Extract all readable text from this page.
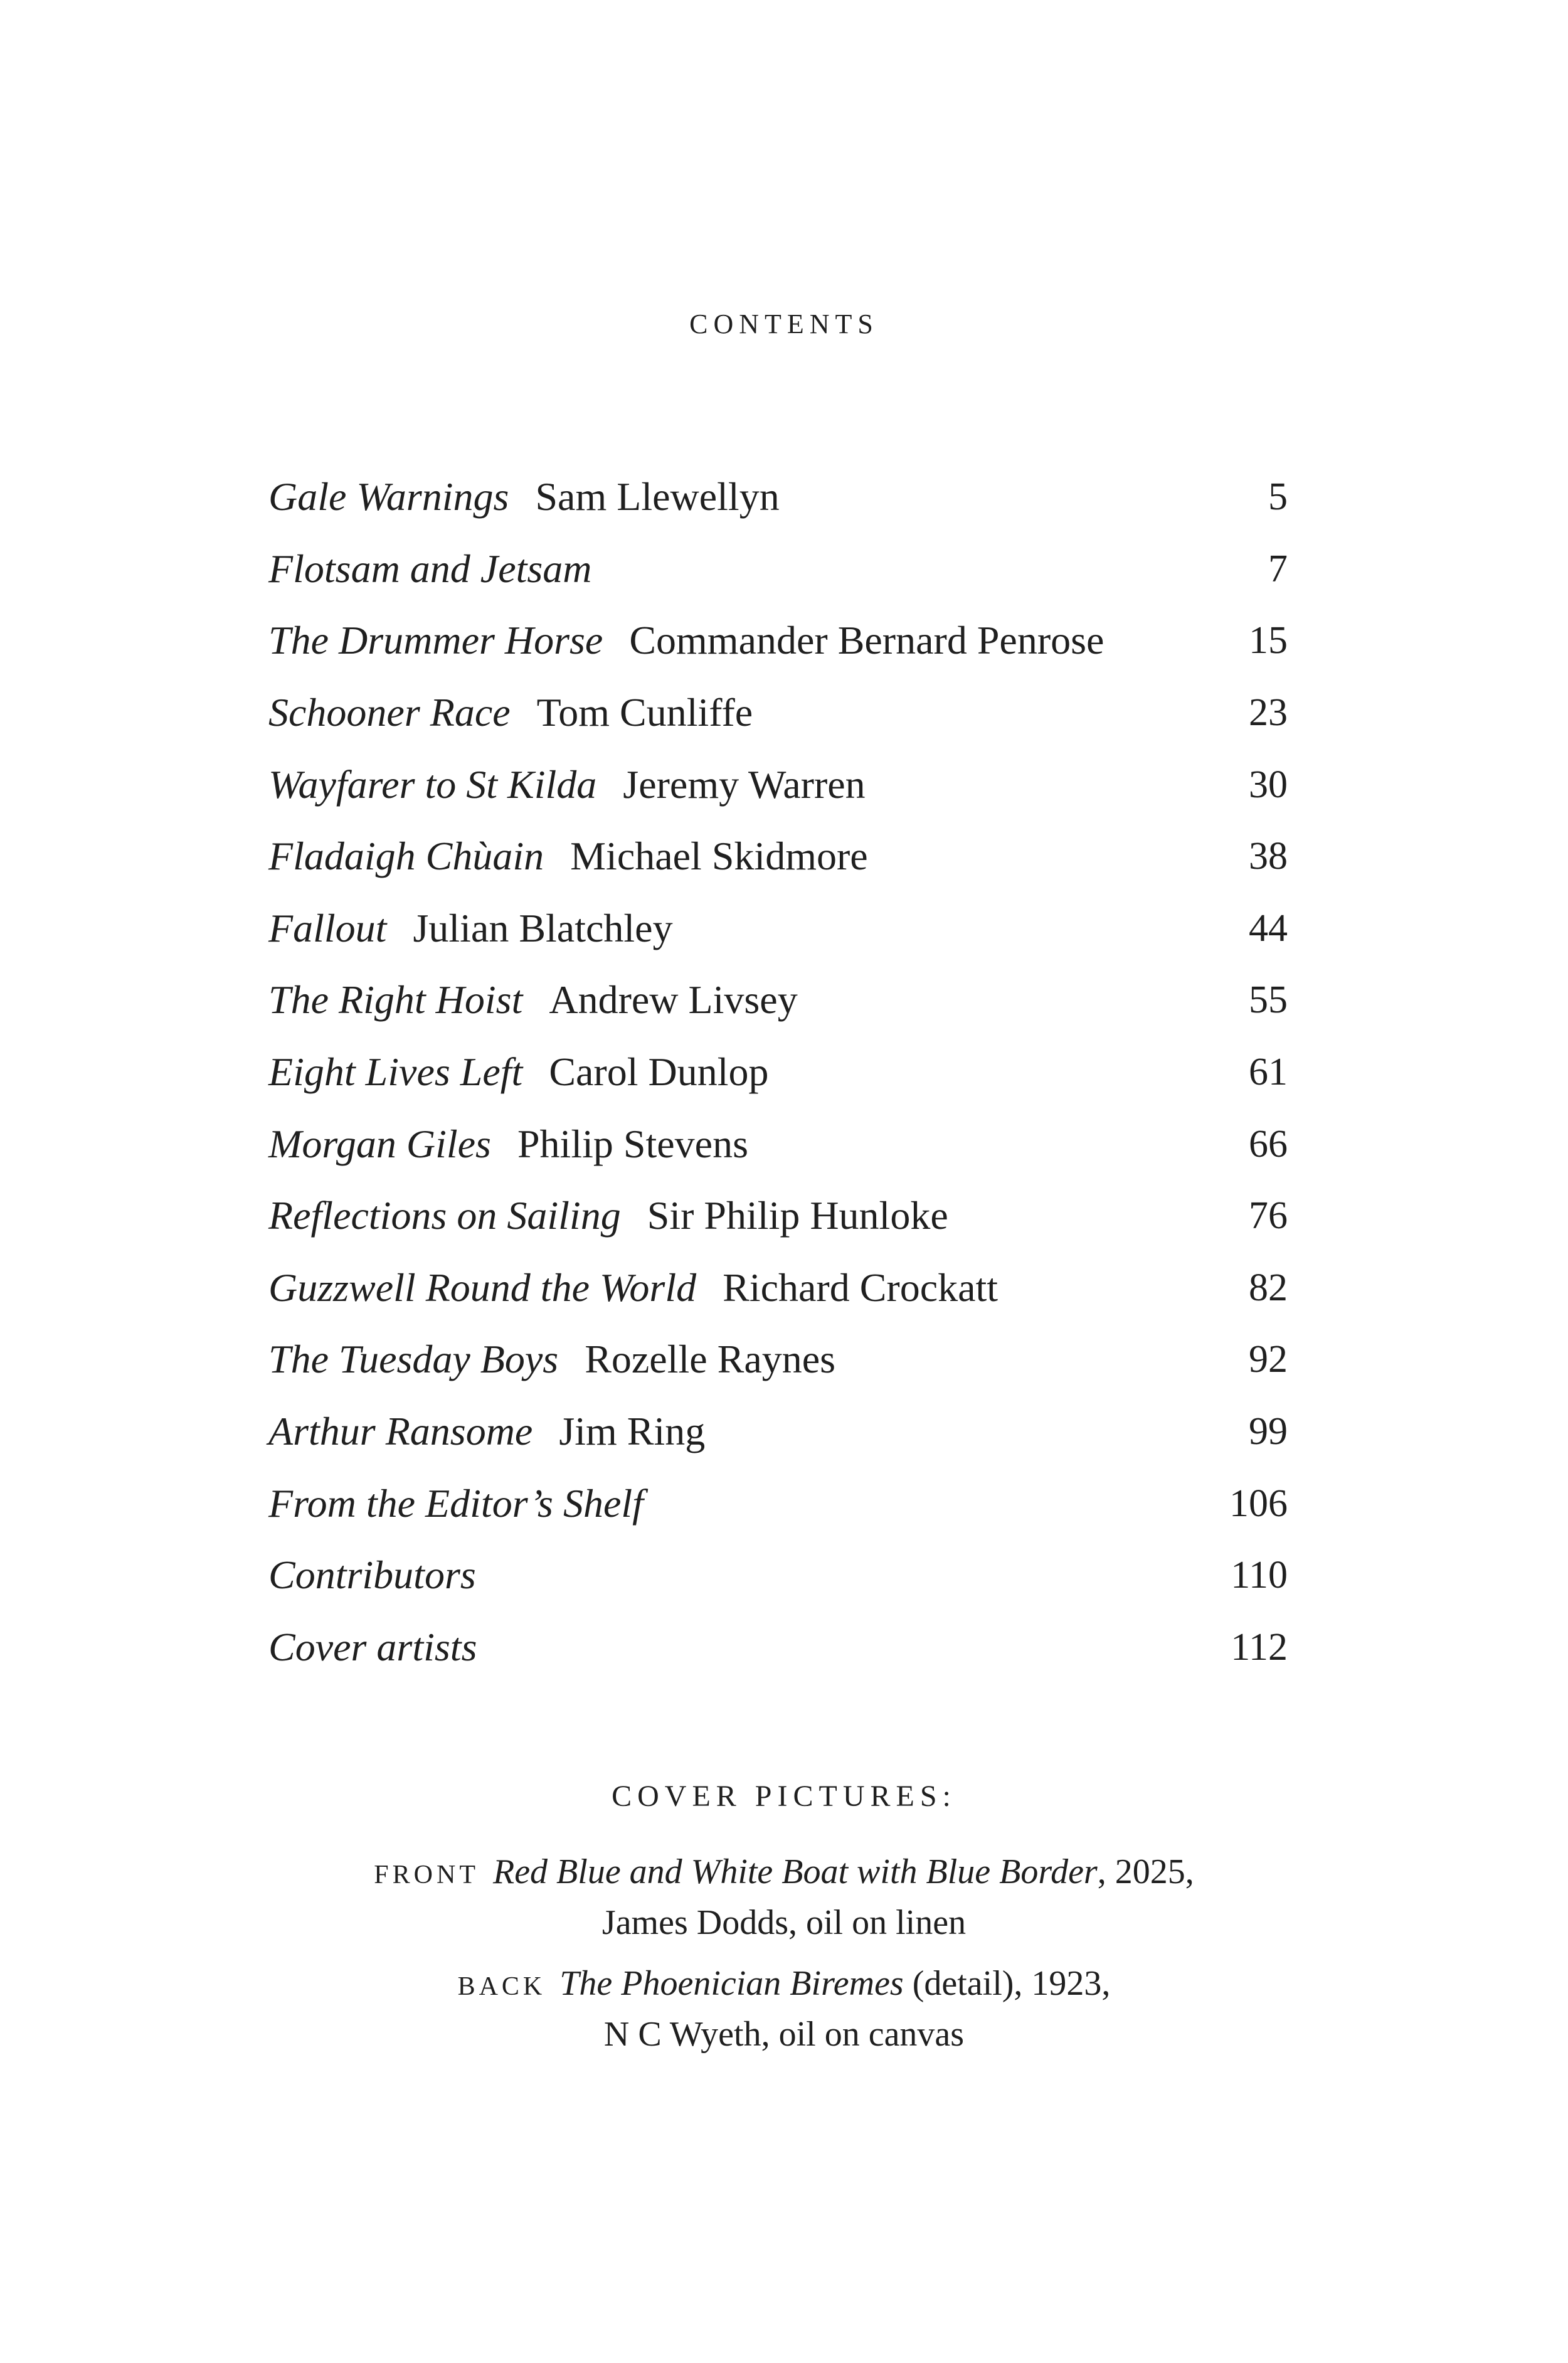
CONTENTS
Gale Warnings Sam Llewellyn	5
Flotsam and Jetsam	7
The Drummer Horse Commander Bernard Penrose	15
Schooner Race Tom Cunliffe	23
Wayfarer to St Kilda Jeremy Warren	30
Fladaigh Chùain Michael Skidmore	38
Fallout Julian Blatchley	44
The Right Hoist Andrew Livsey	55
Eight Lives Left Carol Dunlop	61
Morgan Giles Philip Stevens	66
Reflections on Sailing Sir Philip Hunloke	76
Guzzwell Round the World Richard Crockatt	82
The Tuesday Boys Rozelle Raynes	92
Arthur Ransome Jim Ring	99
From the Editor’s Shelf	106
Contributors	110
Cover artists	112
COVER PICTURES:
FRONT Red Blue and White Boat with Blue Border, 2025,
James Dodds, oil on linen
BACK The Phoenician Biremes (detail), 1923,
N C Wyeth, oil on canvas
